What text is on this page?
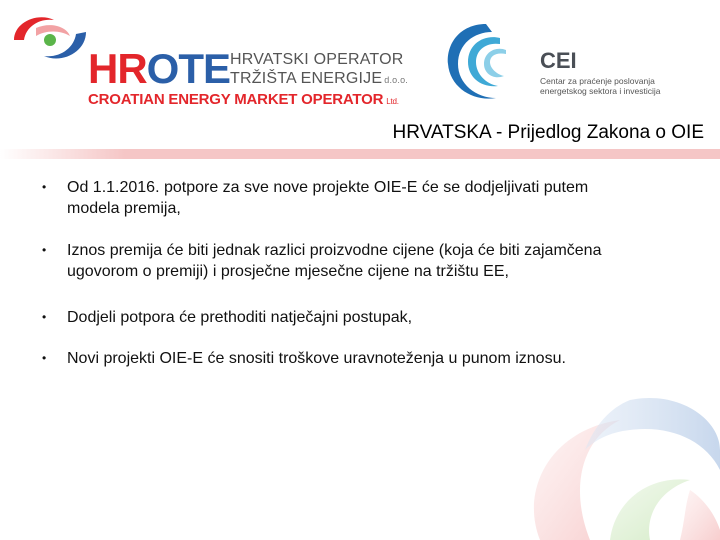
HROTE HRVATSKI OPERATOR
TRŽIŠTA ENERGIJE d.o.o.
CROATIAN ENERGY MARKET OPERATOR Ltd.
CEI
Centar za praćenje poslovanja
energetskog sektora i investicija
HRVATSKA - Prijedlog Zakona o OIE
• Od 1.1.2016. potpore za sve nove projekte OIE-E će se dodjeljivati putem
modela premija,
• Iznos premija će biti jednak razlici proizvodne cijene (koja će biti zajamčena
ugovorom o premiji) i prosječne mjesečne cijene na tržištu EE,
• Dodjeli potpora će prethoditi natječajni postupak,
• Novi projekti OIE-E će snositi troškove uravnoteženja u punom iznosu.
